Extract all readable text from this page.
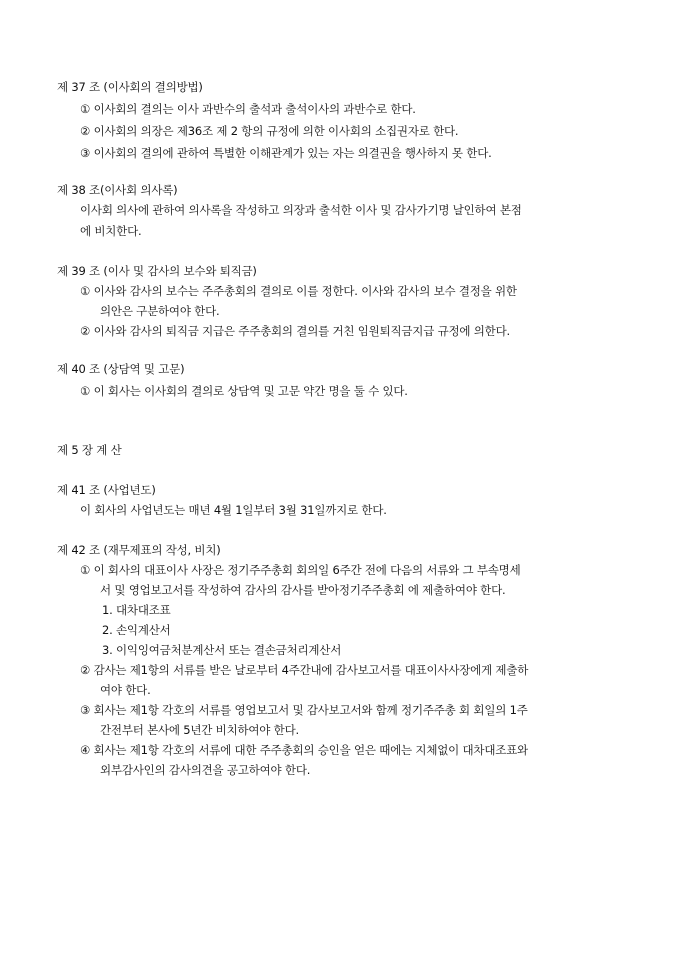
제 37 조 (이사회의 결의방법)
① 이사회의 결의는 이사 과반수의 출석과 출석이사의 과반수로 한다.
② 이사회의 의장은 제36조 제 2 항의 규정에 의한 이사회의 소집권자로 한다.
③ 이사회의 결의에 관하여 특별한 이해관계가 있는 자는 의결권을 행사하지 못 한다.
제 38 조(이사회 의사록)
이사회 의사에 관하여 의사록을 작성하고 의장과 출석한 이사 및 감사가기명 날인하여 본점
에 비치한다.
제 39 조 (이사 및 감사의 보수와 퇴직금)
① 이사와 감사의 보수는 주주총회의 결의로 이를 정한다. 이사와 감사의 보수 결정을 위한
의안은 구분하여야 한다.
② 이사와 감사의 퇴직금 지급은 주주총회의 결의를 거친 임원퇴직금지급 규정에 의한다.
제 40 조 (상담역 및 고문)
① 이 회사는 이사회의 결의로 상담역 및 고문 약간 명을 둘 수 있다.
제 5 장 계 산
제 41 조 (사업년도)
이 회사의 사업년도는 매년 4월 1일부터 3월 31일까지로 한다.
제 42 조 (재무제표의 작성, 비치)
① 이 회사의 대표이사 사장은 정기주주총회 회의일 6주간 전에 다음의 서류와 그 부속명세
서 및 영업보고서를 작성하여 감사의 감사를 받아정기주주총회 에 제출하여야 한다.
1. 대차대조표
2. 손익계산서
3. 이익잉여금처분계산서 또는 결손금처리계산서
② 감사는 제1항의 서류를 받은 날로부터 4주간내에 감사보고서를 대표이사사장에게 제출하
여야 한다.
③ 회사는 제1항 각호의 서류를 영업보고서 및 감사보고서와 함께 정기주주총 회 회일의 1주
간전부터 본사에 5년간 비치하여야 한다.
④ 회사는 제1항 각호의 서류에 대한 주주총회의 승인을 얻은 때에는 지체없이 대차대조표와
외부감사인의 감사의견을 공고하여야 한다.
